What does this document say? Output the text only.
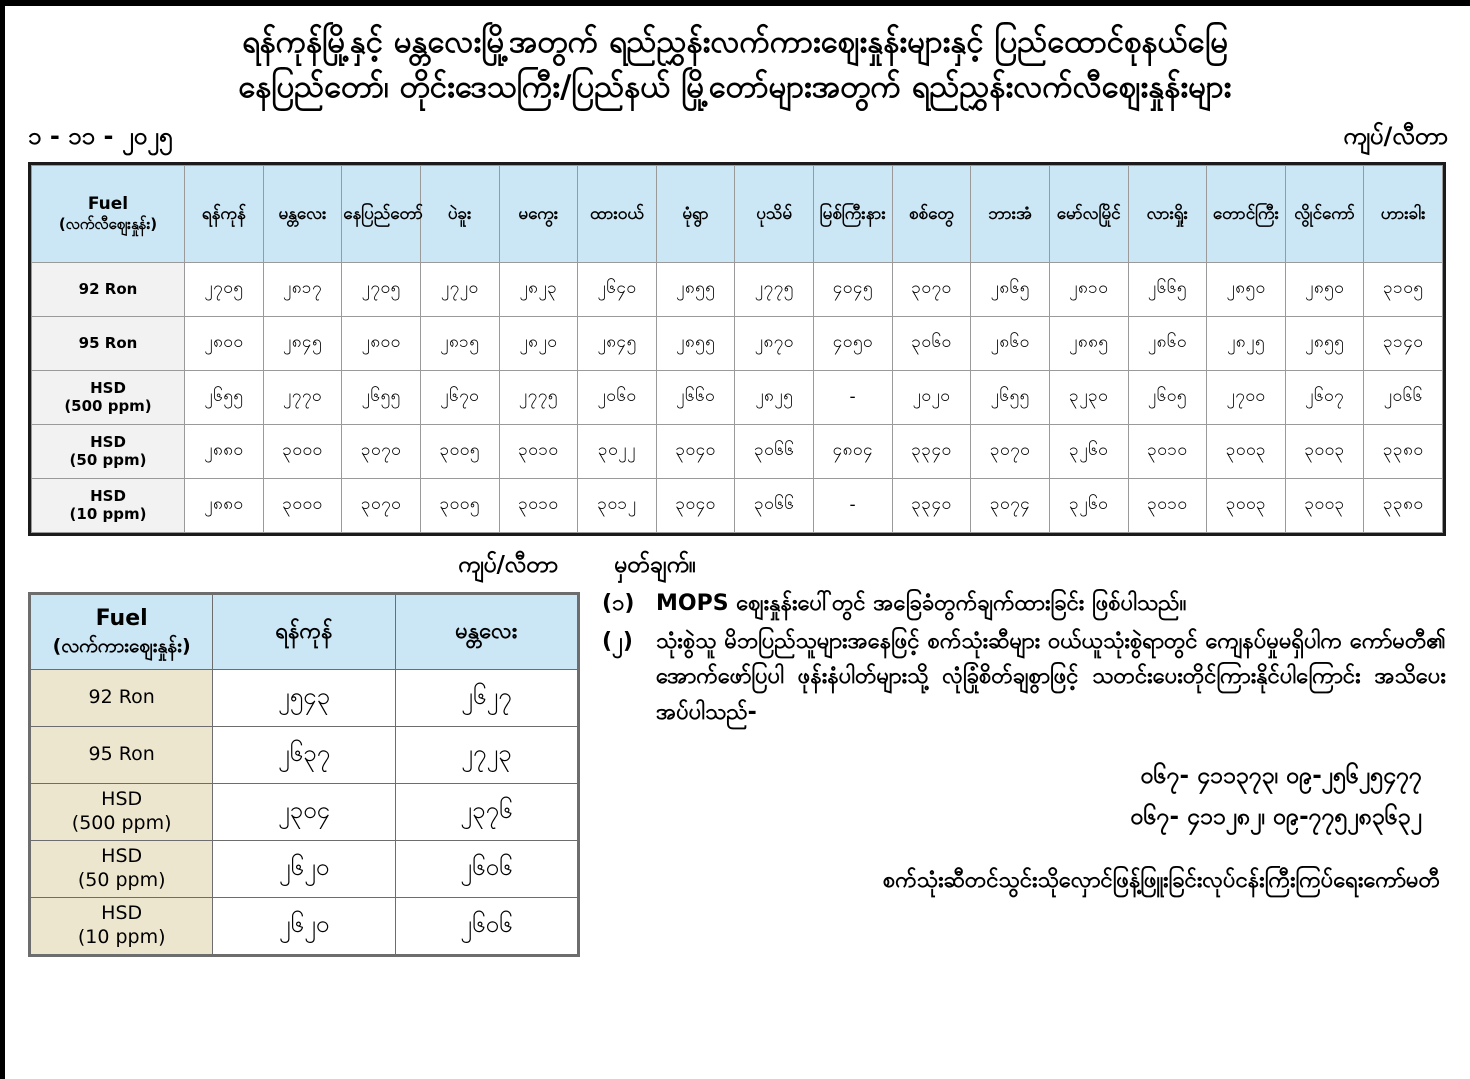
ရန်ကုန်မြို့နှင့် မန္တလေးမြို့အတွက် ရည်ညွှန်းလက်ကားဈေးနှုန်းများနှင့် ပြည်ထောင်စုနယ်မြေ
နေပြည်တော်၊ တိုင်းဒေသကြီး/ပြည်နယ် မြို့တော်များအတွက် ရည်ညွှန်းလက်လီဈေးနှုန်းများ
၁ - ၁၁ - ၂၀၂၅	ကျပ်/လီတာ
Fuel
(လက်လီဈေးနှုန်း)	ရန်ကုန်	မန္တလေး	နေပြည်တော်	ပဲခူး	မကွေး	ထားဝယ်	မုံရွာ	ပုသိမ်	မြစ်ကြီးနား	စစ်တွေ	ဘားအံ	မော်လမြိုင်	လားရှိုး	တောင်ကြီး	လွိုင်ကော်	ဟားခါး

92 Ron	၂၇၀၅	၂၈၁၇	၂၇၀၅	၂၇၂၀	၂၈၂၃	၂၆၄၀	၂၈၅၅	၂၇၇၅	၄၀၄၅	၃၀၇၀	၂၈၆၅	၂၈၁၀	၂၆၆၅	၂၈၅၀	၂၈၅၀	၃၁၀၅

95 Ron	၂၈၀၀	၂၈၄၅	၂၈၀၀	၂၈၁၅	၂၈၂၀	၂၈၄၅	၂၈၅၅	၂၈၇၀	၄၀၅၀	၃၀၆၀	၂၈၆၀	၂၈၈၅	၂၈၆၀	၂၈၂၅	၂၈၅၅	၃၁၄၀

HSD
(500 ppm)	၂၆၅၅	၂၇၇၀	၂၆၅၅	၂၆၇၀	၂၇၇၅	၂၀၆၀	၂၆၆၀	၂၈၂၅	-	၂၀၂၀	၂၆၅၅	၃၂၃၀	၂၆၀၅	၂၇၀၀	၂၆၀၇	၂၀၆၆

HSD
(50 ppm)	၂၈၈၀	၃၀၀၀	၃၀၇၀	၃၀၀၅	၃၀၁၀	၃၀၂၂	၃၀၄၀	၃၀၆၆	၄၈၀၄	၃၃၄၀	၃၀၇၀	၃၂၆၀	၃၀၁၀	၃၀၀၃	၃၀၀၃	၃၃၈၀

HSD
(10 ppm)	၂၈၈၀	၃၀၀၀	၃၀၇၀	၃၀၀၅	၃၀၁၀	၃၀၁၂	၃၀၄၀	၃၀၆၆	-	၃၃၄၀	၃၀၇၄	၃၂၆၀	၃၀၁၀	၃၀၀၃	၃၀၀၃	၃၃၈၀
ကျပ်/လီတာ မှတ်ချက်။
Fuel
(လက်ကားဈေးနှုန်း)	ရန်ကုန်	မန္တလေး

92 Ron	၂၅၄၃	၂၆၂၇

95 Ron	၂၆၃၇	၂၇၂၃

HSD
(500 ppm)	၂၃၀၄	၂၃၇၆

HSD
(50 ppm)	၂၆၂၀	၂၆၀၆

HSD
(10 ppm)	၂၆၂၀	၂၆၀၆
(၁) MOPS ဈေးနှုန်းပေါ်တွင် အခြေခံတွက်ချက်ထားခြင်း ဖြစ်ပါသည်။
(၂)	သုံးစွဲသူ မိဘပြည်သူများအနေဖြင့် စက်သုံးဆီများ ဝယ်ယူသုံးစွဲရာတွင် ကျေနပ်မှုမရှိပါက ကော်မတီ၏ အောက်ဖော်ပြပါ ဖုန်းနံပါတ်များသို့ လုံခြုံစိတ်ချစွာဖြင့် သတင်းပေးတိုင်ကြားနိုင်ပါကြောင်း အသိပေးအပ်ပါသည်-
၀၆၇- ၄၁၁၃၇၃၊ ၀၉-၂၅၆၂၅၄၇၇
၀၆၇- ၄၁၁၂၈၂၊ ၀၉-၇၇၅၂၈၃၆၃၂
စက်သုံးဆီတင်သွင်းသိုလှောင်ဖြန့်ဖြူးခြင်းလုပ်ငန်းကြီးကြပ်ရေးကော်မတီ
